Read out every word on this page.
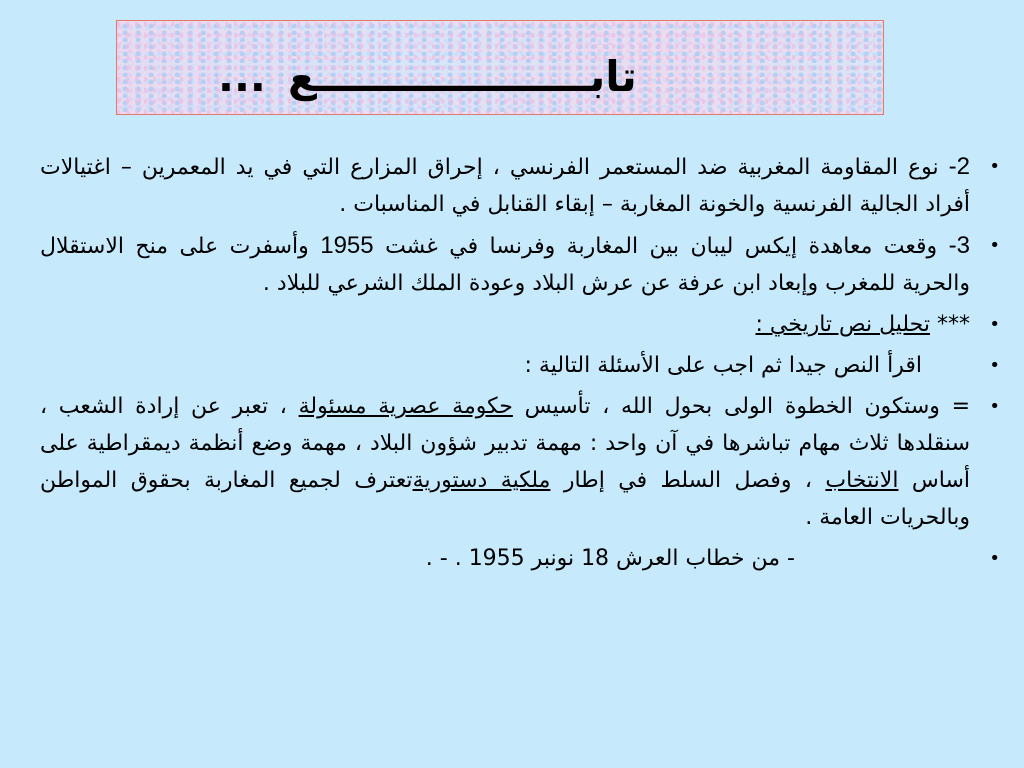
... تابـــــــــــــــــــع
•
2- نوع المقاومة المغربية ضد المستعمر الفرنسي ، إحراق المزارع التي في يد المعمرين – اغتيالات أفراد الجالية الفرنسية والخونة المغاربة – إبقاء القنابل في المناسبات .
•
3- وقعت معاهدة إيكس ليبان بين المغاربة وفرنسا في غشت 1955 وأسفرت على منح الاستقلال والحرية للمغرب وإبعاد ابن عرفة عن عرش البلاد وعودة الملك الشرعي للبلاد .
•
*** تحليل نص تاريخي :
•
اقرأ النص جيدا ثم اجب على الأسئلة التالية :
•
= وستكون الخطوة الولى بحول الله ، تأسيس حكومة عصرية مسئولة ، تعبر عن إرادة الشعب ، سنقلدها ثلاث مهام تباشرها في آن واحد : مهمة تدبير شؤون البلاد ، مهمة وضع أنظمة ديمقراطية على أساس الانتخاب ، وفصل السلط في إطار ملكية دستوريةتعترف لجميع المغاربة بحقوق المواطن وبالحريات العامة .
•
- من خطاب العرش 18 نونبر 1955 . - .
